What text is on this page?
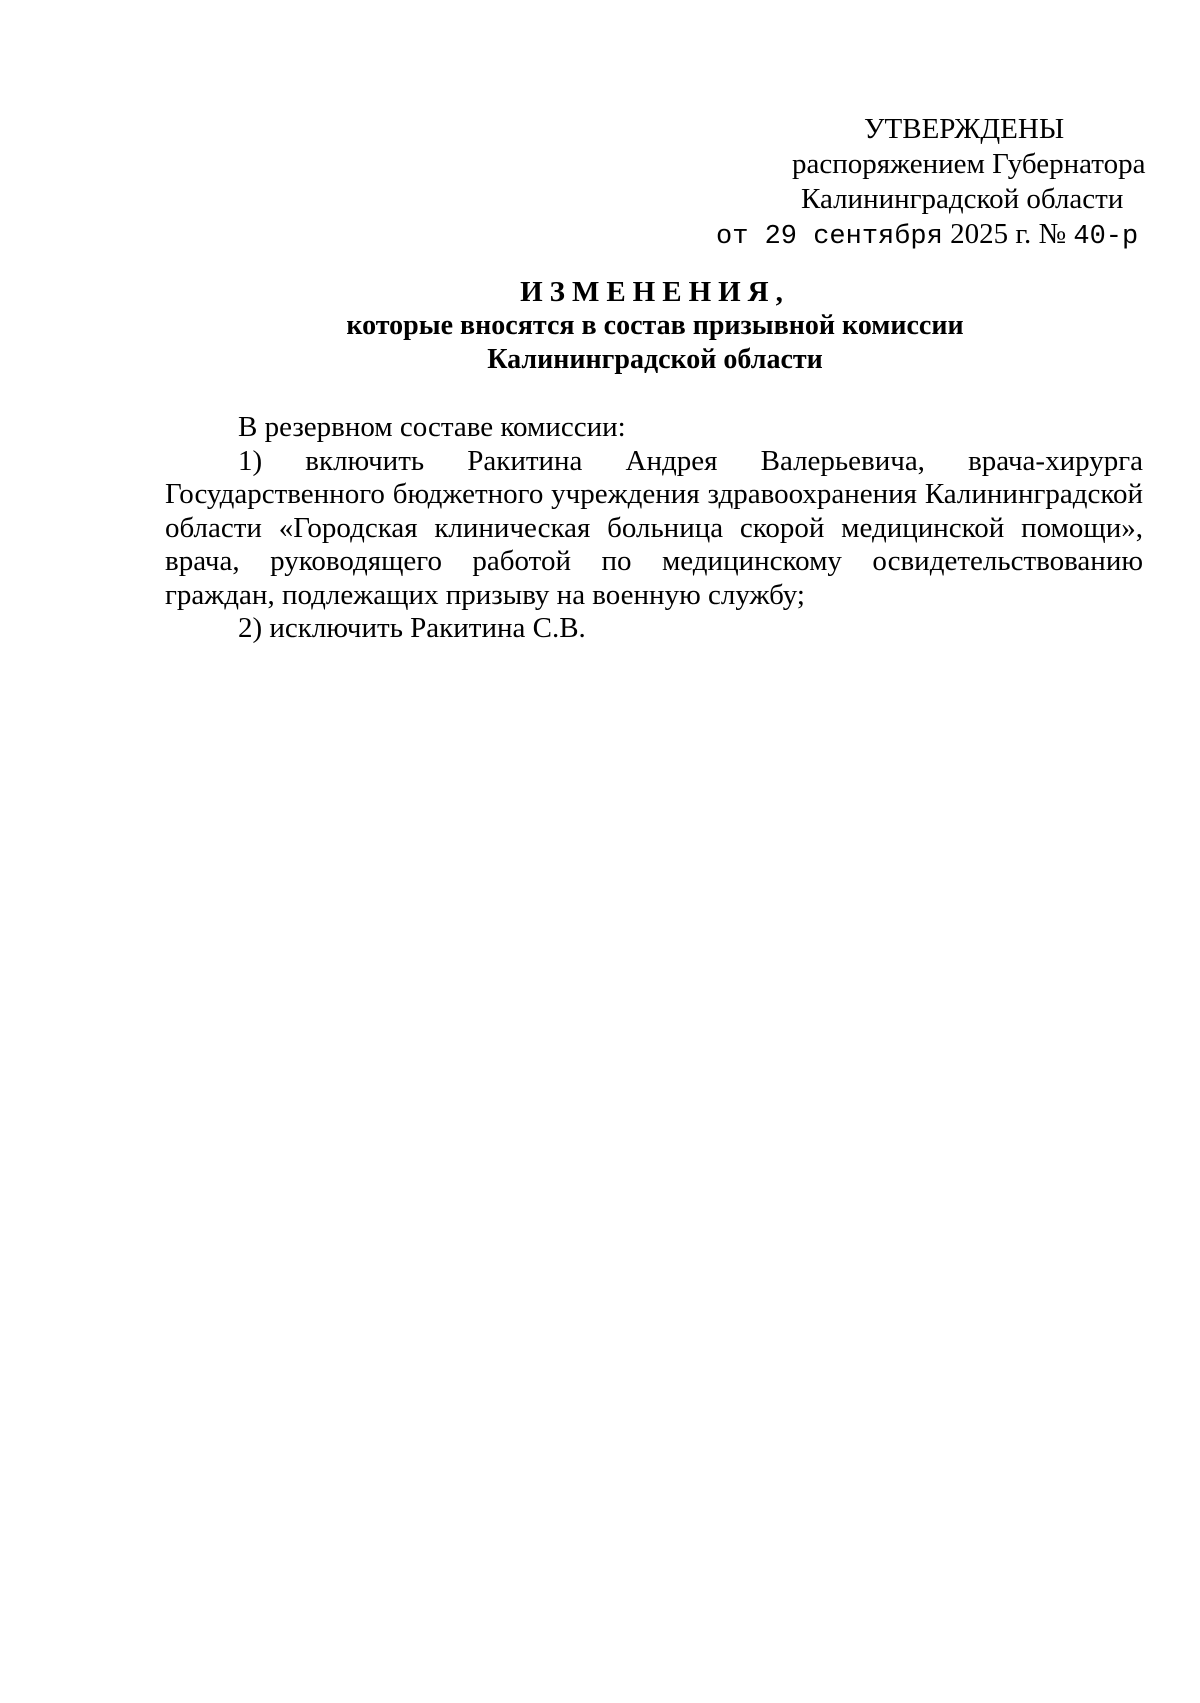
УТВЕРЖДЕНЫ
распоряжением Губернатора
Калининградской области
от 29 сентября 2025 г. № 40-р
ИЗМЕНЕНИЯ,
которые вносятся в состав призывной комиссии
Калининградской области

В резервном составе комиссии:

1) включить Ракитина Андрея Валерьевича, врача-хирурга Государственного бюджетного учреждения здравоохранения Калининградской области «Городская клиническая больница скорой медицинской помощи», врача, руководящего работой по медицинскому освидетельствованию граждан, подлежащих призыву на военную службу;

2) исключить Ракитина С.В.
